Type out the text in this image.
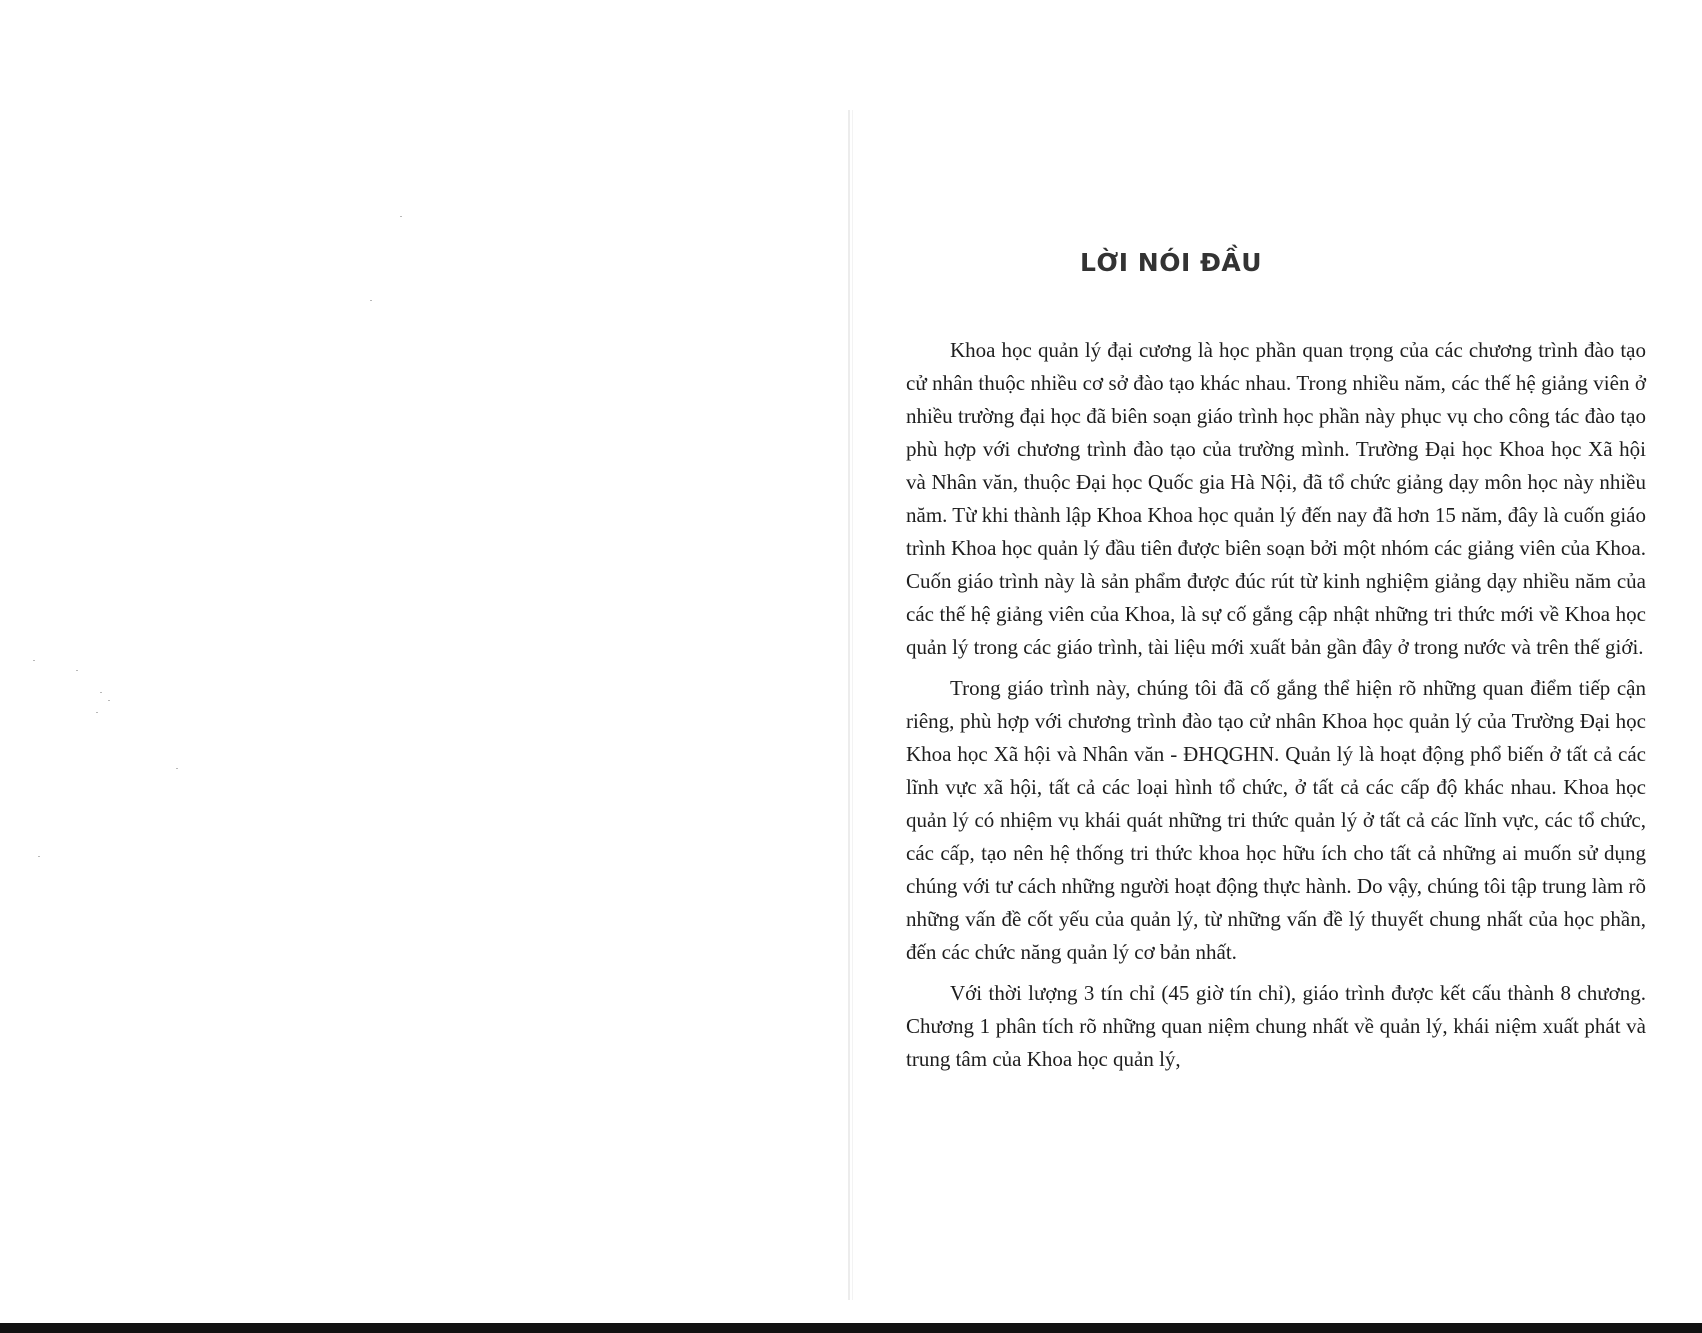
LỜI NÓI ĐẦU

Khoa học quản lý đại cương là học phần quan trọng của các chương trình đào tạo cử nhân thuộc nhiều cơ sở đào tạo khác nhau. Trong nhiều năm, các thế hệ giảng viên ở nhiều trường đại học đã biên soạn giáo trình học phần này phục vụ cho công tác đào tạo phù hợp với chương trình đào tạo của trường mình. Trường Đại học Khoa học Xã hội và Nhân văn, thuộc Đại học Quốc gia Hà Nội, đã tổ chức giảng dạy môn học này nhiều năm. Từ khi thành lập Khoa Khoa học quản lý đến nay đã hơn 15 năm, đây là cuốn giáo trình Khoa học quản lý đầu tiên được biên soạn bởi một nhóm các giảng viên của Khoa. Cuốn giáo trình này là sản phẩm được đúc rút từ kinh nghiệm giảng dạy nhiều năm của các thế hệ giảng viên của Khoa, là sự cố gắng cập nhật những tri thức mới về Khoa học quản lý trong các giáo trình, tài liệu mới xuất bản gần đây ở trong nước và trên thế giới.

Trong giáo trình này, chúng tôi đã cố gắng thể hiện rõ những quan điểm tiếp cận riêng, phù hợp với chương trình đào tạo cử nhân Khoa học quản lý của Trường Đại học Khoa học Xã hội và Nhân văn - ĐHQGHN. Quản lý là hoạt động phổ biến ở tất cả các lĩnh vực xã hội, tất cả các loại hình tổ chức, ở tất cả các cấp độ khác nhau. Khoa học quản lý có nhiệm vụ khái quát những tri thức quản lý ở tất cả các lĩnh vực, các tổ chức, các cấp, tạo nên hệ thống tri thức khoa học hữu ích cho tất cả những ai muốn sử dụng chúng với tư cách những người hoạt động thực hành. Do vậy, chúng tôi tập trung làm rõ những vấn đề cốt yếu của quản lý, từ những vấn đề lý thuyết chung nhất của học phần, đến các chức năng quản lý cơ bản nhất.

Với thời lượng 3 tín chỉ (45 giờ tín chỉ), giáo trình được kết cấu thành 8 chương. Chương 1 phân tích rõ những quan niệm chung nhất về quản lý, khái niệm xuất phát và trung tâm của Khoa học quản lý,
